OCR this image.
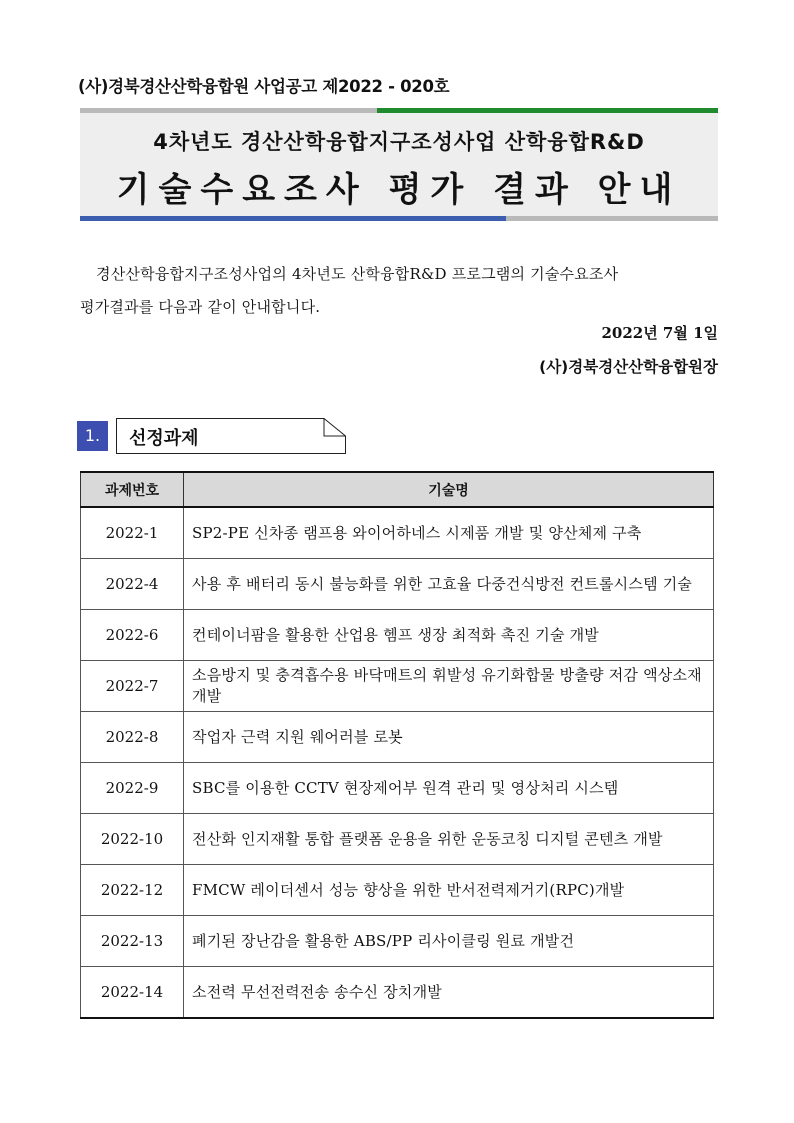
(사)경북경산산학융합원 사업공고 제2022 - 020호
4차년도 경산산학융합지구조성사업 산학융합R&D
기술수요조사 평가 결과 안내
경산산학융합지구조성사업의 4차년도 산학융합R&D 프로그램의 기술수요조사
평가결과를 다음과 같이 안내합니다.
2022년 7월 1일
(사)경북경산산학융합원장
1.	선정과제
과제번호	기술명
2022-1	SP2-PE 신차종 램프용 와이어하네스 시제품 개발 및 양산체제 구축
2022-4	사용 후 배터리 동시 불능화를 위한 고효율 다중건식방전 컨트롤시스템 기술
2022-6	컨테이너팜을 활용한 산업용 헴프 생장 최적화 촉진 기술 개발
2022-7	소음방지 및 충격흡수용 바닥매트의 휘발성 유기화합물 방출량 저감 액상소재 개발
2022-8	작업자 근력 지원 웨어러블 로봇
2022-9	SBC를 이용한 CCTV 현장제어부 원격 관리 및 영상처리 시스템
2022-10	전산화 인지재활 통합 플랫폼 운용을 위한 운동코칭 디지털 콘텐츠 개발
2022-12	FMCW 레이더센서 성능 향상을 위한 반서전력제거기(RPC)개발
2022-13	폐기된 장난감을 활용한 ABS/PP 리사이클링 원료 개발건
2022-14	소전력 무선전력전송 송수신 장치개발
